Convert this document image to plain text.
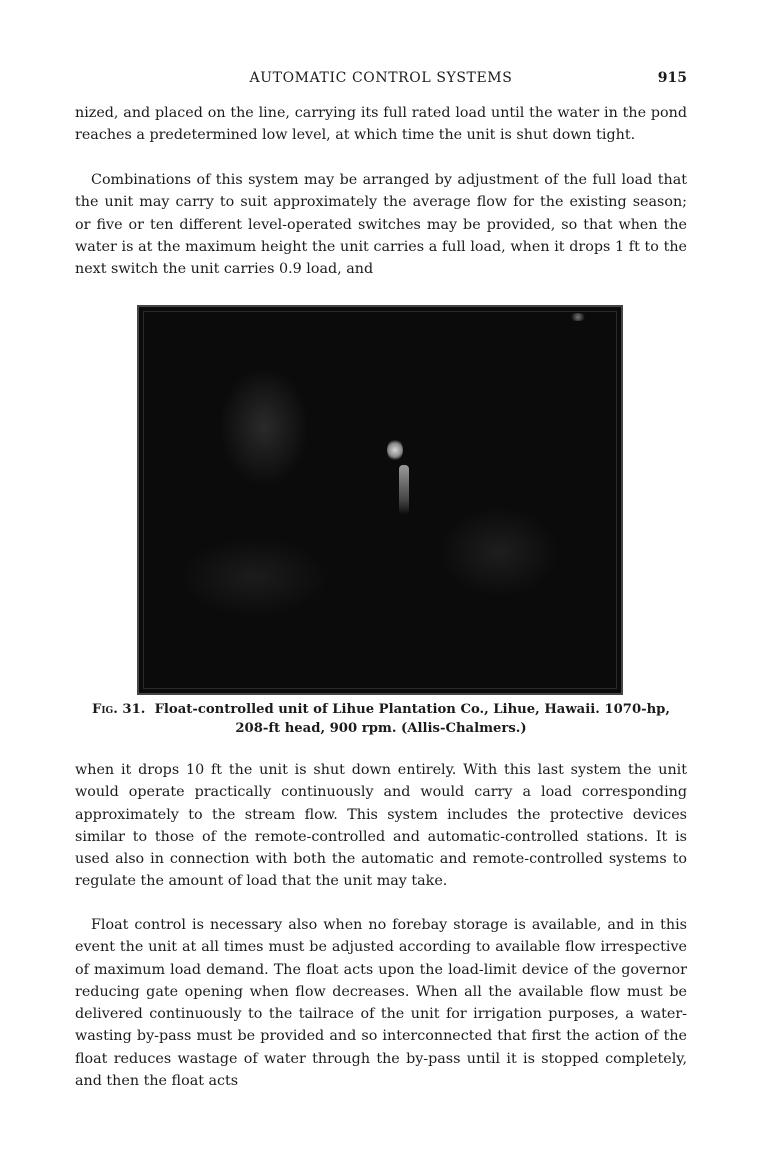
AUTOMATIC CONTROL SYSTEMS	915

nized, and placed on the line, carrying its full rated load until the water in the pond reaches a predetermined low level, at which time the unit is shut down tight.

Combinations of this system may be arranged by adjustment of the full load that the unit may carry to suit approximately the average flow for the existing season; or five or ten different level-operated switches may be provided, so that when the water is at the maximum height the unit carries a full load, when it drops 1 ft to the next switch the unit carries 0.9 load, and

Fig. 31. Float-controlled unit of Lihue Plantation Co., Lihue, Hawaii. 1070-hp,
208-ft head, 900 rpm. (Allis-Chalmers.)

when it drops 10 ft the unit is shut down entirely. With this last system the unit would operate practically continuously and would carry a load corresponding approximately to the stream flow. This system includes the protective devices similar to those of the remote-controlled and automatic-controlled stations. It is used also in connection with both the automatic and remote-controlled systems to regulate the amount of load that the unit may take.

Float control is necessary also when no forebay storage is available, and in this event the unit at all times must be adjusted according to available flow irrespective of maximum load demand. The float acts upon the load-limit device of the governor reducing gate opening when flow decreases. When all the available flow must be delivered continuously to the tailrace of the unit for irrigation purposes, a water-wasting by-pass must be provided and so interconnected that first the action of the float reduces wastage of water through the by-pass until it is stopped completely, and then the float acts
